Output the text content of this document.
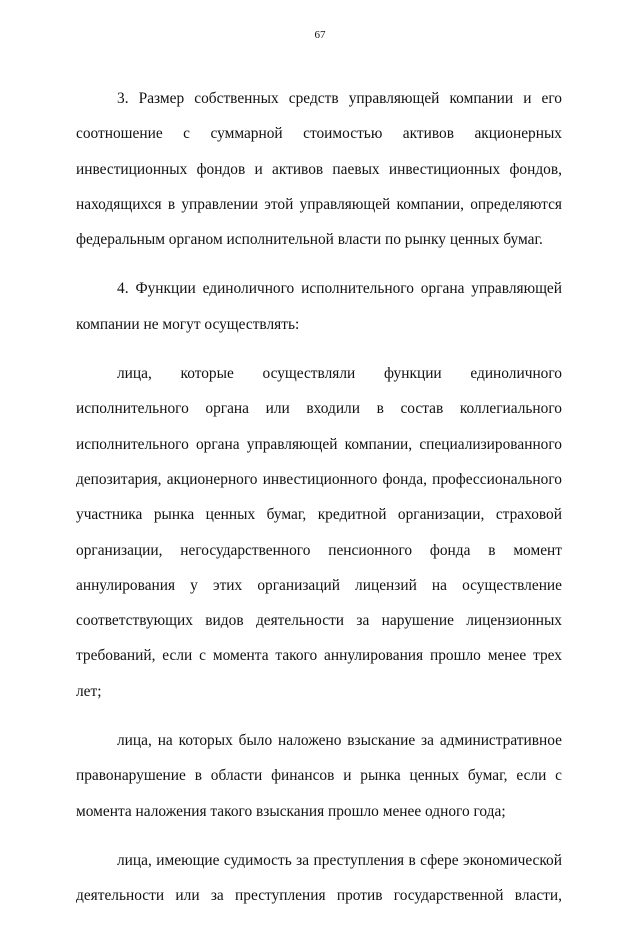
67

3. Размер собственных средств управляющей компании и его соотношение с суммарной стоимостью активов акционерных инвестиционных фондов и активов паевых инвестиционных фондов, находящихся в управлении этой управляющей компании, определяются федеральным органом исполнительной власти по рынку ценных бумаг.

4. Функции единоличного исполнительного органа управляющей компании не могут осуществлять:

лица, которые осуществляли функции единоличного исполнительного органа или входили в состав коллегиального исполнительного органа управляющей компании, специализированного депозитария, акционерного инвестиционного фонда, профессионального участника рынка ценных бумаг, кредитной организации, страховой организации, негосударственного пенсионного фонда в момент аннулирования у этих организаций лицензий на осуществление соответствующих видов деятельности за нарушение лицензионных требований, если с момента такого аннулирования прошло менее трех лет;

лица, на которых было наложено взыскание за административное правонарушение в области финансов и рынка ценных бумаг, если с момента наложения такого взыскания прошло менее одного года;

лица, имеющие судимость за преступления в сфере экономической деятельности или за преступления против государственной власти,
